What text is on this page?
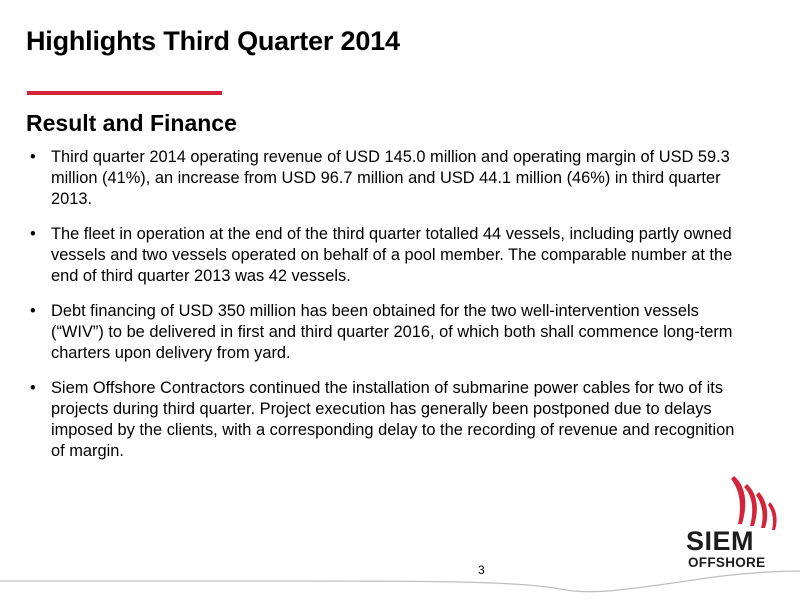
Highlights Third Quarter 2014
Result and Finance
• Third quarter 2014 operating revenue of USD 145.0 million and operating margin of USD 59.3 million (41%), an increase from USD 96.7 million and USD 44.1 million (46%) in third quarter 2013.
• The fleet in operation at the end of the third quarter totalled 44 vessels, including partly owned vessels and two vessels operated on behalf of a pool member. The comparable number at the end of third quarter 2013 was 42 vessels.
• Debt financing of USD 350 million has been obtained for the two well-intervention vessels (“WIV”) to be delivered in first and third quarter 2016, of which both shall commence long-term charters upon delivery from yard.
• Siem Offshore Contractors continued the installation of submarine power cables for two of its projects during third quarter. Project execution has generally been postponed due to delays imposed by the clients, with a corresponding delay to the recording of revenue and recognition of margin.
3
SIEM
OFFSHORE
